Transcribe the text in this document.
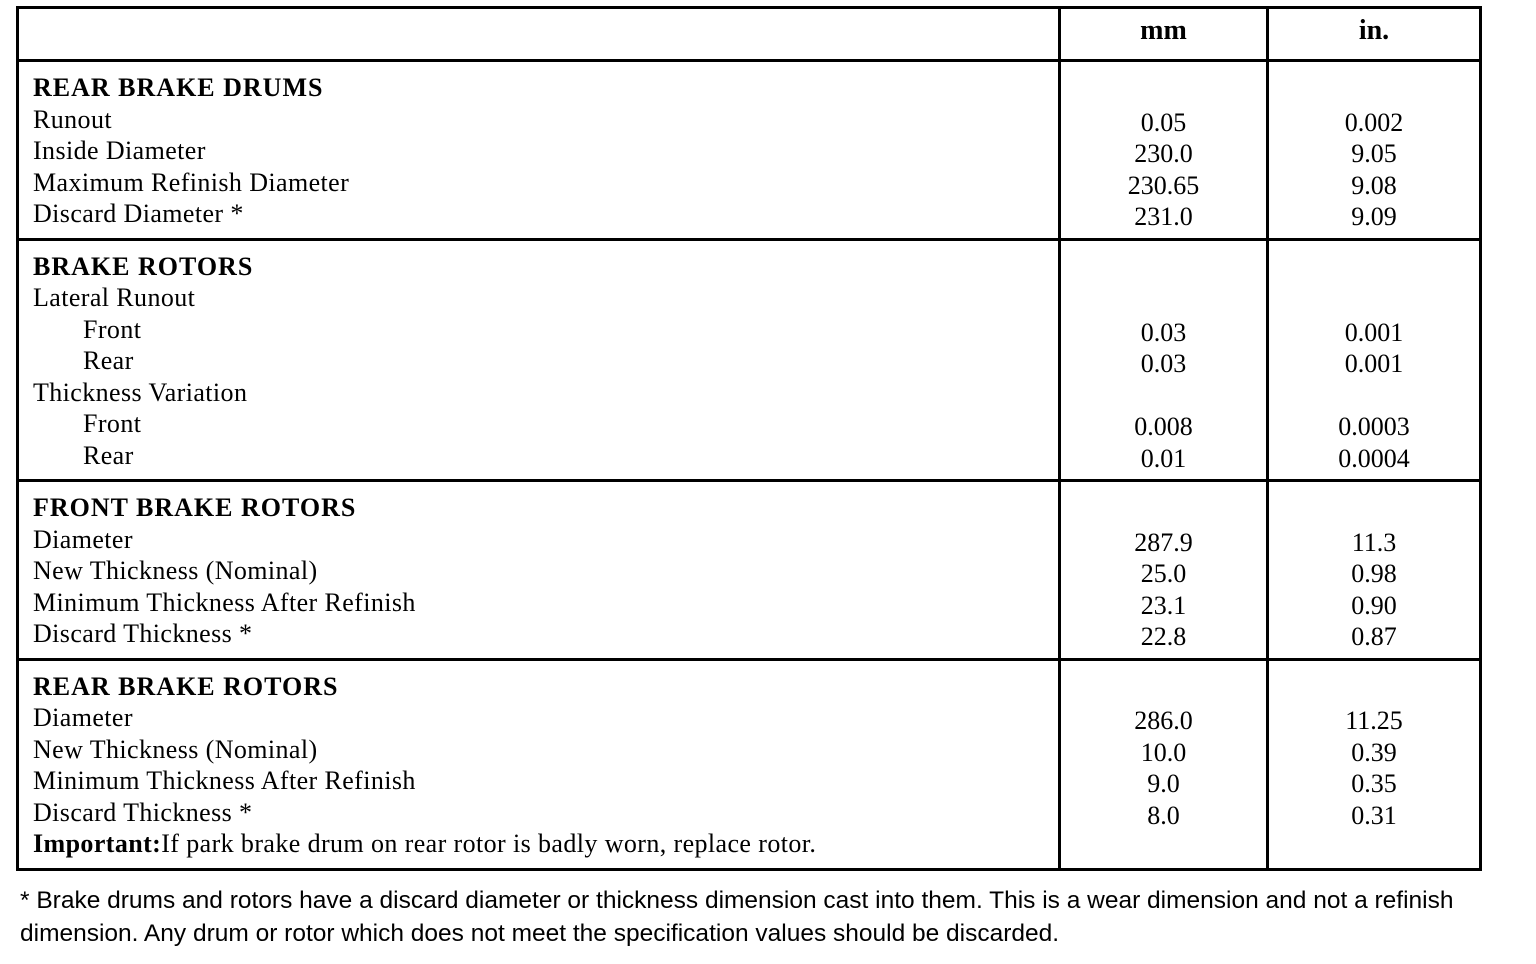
mm	in.
REAR BRAKE DRUMS
Runout
Inside Diameter
Maximum Refinish Diameter
Discard Diameter *
0.05
230.0
230.65
231.0
0.002
9.05
9.08
9.09
BRAKE ROTORS
Lateral Runout
Front
Rear
Thickness Variation
Front
Rear
0.03
0.03
0.008
0.01
0.001
0.001
0.0003
0.0004
FRONT BRAKE ROTORS
Diameter
New Thickness (Nominal)
Minimum Thickness After Refinish
Discard Thickness *
287.9
25.0
23.1
22.8
11.3
0.98
0.90
0.87
REAR BRAKE ROTORS
Diameter
New Thickness (Nominal)
Minimum Thickness After Refinish
Discard Thickness *
Important:If park brake drum on rear rotor is badly worn, replace rotor.
286.0
10.0
9.0
8.0
11.25
0.39
0.35
0.31
* Brake drums and rotors have a discard diameter or thickness dimension cast into them. This is a wear dimension and not a refinish dimension. Any drum or rotor which does not meet the specification values should be discarded.
